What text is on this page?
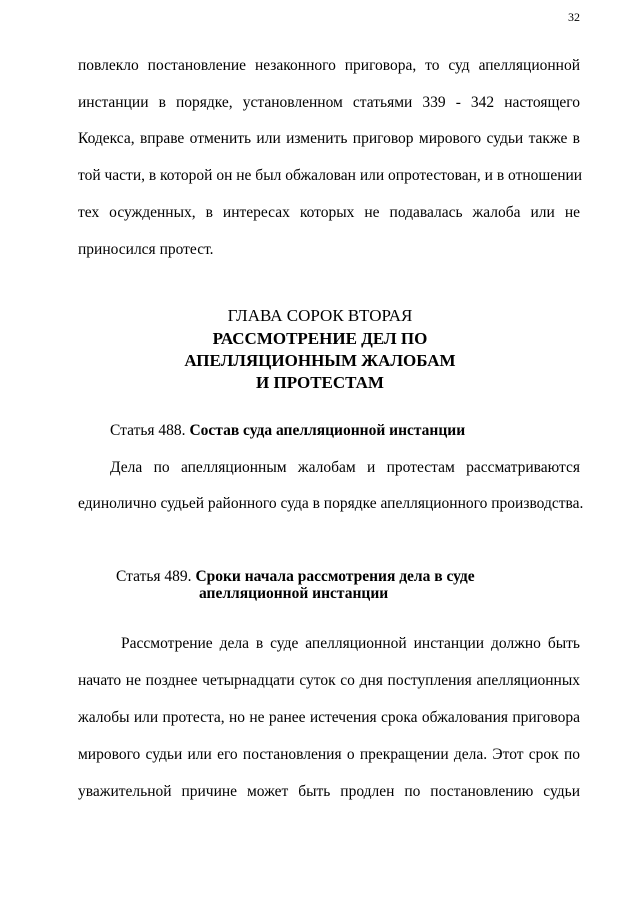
32
повлекло постановление незаконного приговора, то суд апелляционной
инстанции в порядке, установленном статьями 339 - 342 настоящего
Кодекса, вправе отменить или изменить приговор мирового судьи также в
той части, в которой он не был обжалован или опротестован, и в отношении
тех осужденных, в интересах которых не подавалась жалоба или не
приносился протест.
ГЛАВА СОРОК ВТОРАЯ
РАССМОТРЕНИЕ ДЕЛ ПО
АПЕЛЛЯЦИОННЫМ ЖАЛОБАМ
И ПРОТЕСТАМ
Статья 488. Состав суда апелляционной инстанции
Дела по апелляционным жалобам и протестам рассматриваются
единолично судьей районного суда в порядке апелляционного производства.
Статья 489. Сроки начала рассмотрения дела в суде
апелляционной инстанции
Рассмотрение дела в суде апелляционной инстанции должно быть
начато не позднее четырнадцати суток со дня поступления апелляционных
жалобы или протеста, но не ранее истечения срока обжалования приговора
мирового судьи или его постановления о прекращении дела. Этот срок по
уважительной причине может быть продлен по постановлению судьи
